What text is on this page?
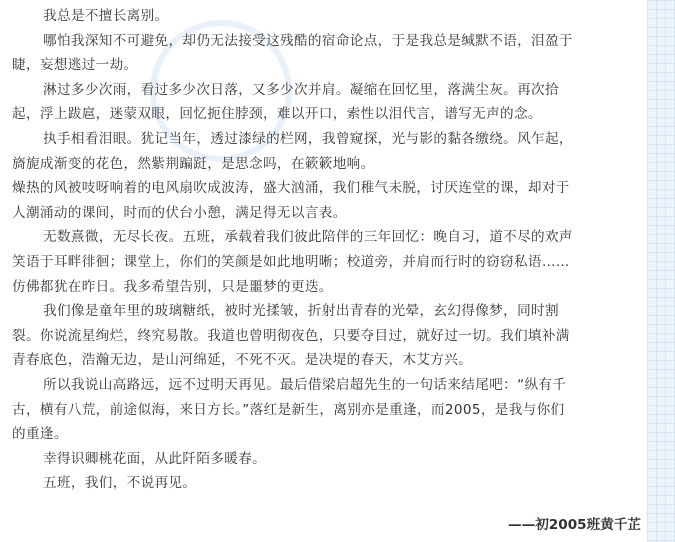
我总是不擅长离别。
哪怕我深知不可避免，却仍无法接受这残酷的宿命论点，于是我总是缄默不语，泪盈于
睫，妄想逃过一劫。
淋过多少次雨，看过多少次日落，又多少次并肩。凝缩在回忆里，落满尘灰。再次拾
起，浮上跋扈，迷蒙双眼，回忆扼住脖颈，难以开口，索性以泪代言，谱写无声的念。
执手相看泪眼。犹记当年，透过漆绿的栏网，我曾窥探，光与影的黏各缴绕。风乍起，
旖旎成渐变的花色，然紫荆蹁跹，是思念吗，在簌簌地响。
燥热的风被吱呀响着的电风扇吹成波涛，盛大汹涌，我们稚气未脱，讨厌连堂的课，却对于
人潮涌动的课间，时而的伏台小憩，满足得无以言表。
无数熹微，无尽长夜。五班，承载着我们彼此陪伴的三年回忆：晚自习，道不尽的欢声
笑语于耳畔徘徊；课堂上，你们的笑颜是如此地明晰；校道旁，并肩而行时的窃窃私语……
仿佛都犹在昨日。我多希望告别，只是噩梦的更迭。
我们像是童年里的玻璃糖纸，被时光揉皱，折射出青春的光晕，玄幻得像梦，同时割
裂。你说流星绚烂，终究易散。我道也曾明彻夜色，只要夺目过，就好过一切。我们填补满
青春底色，浩瀚无边，是山河绵延，不死不灭。是决堤的春天，木艾方兴。
所以我说山高路远，远不过明天再见。最后借梁启超先生的一句话来结尾吧：“纵有千
古，横有八荒，前途似海，来日方长。”落红是新生，离别亦是重逢，而2005，是我与你们
的重逢。
幸得识卿桃花面，从此阡陌多暖春。
五班，我们，不说再见。
——初2005班黄千芷
